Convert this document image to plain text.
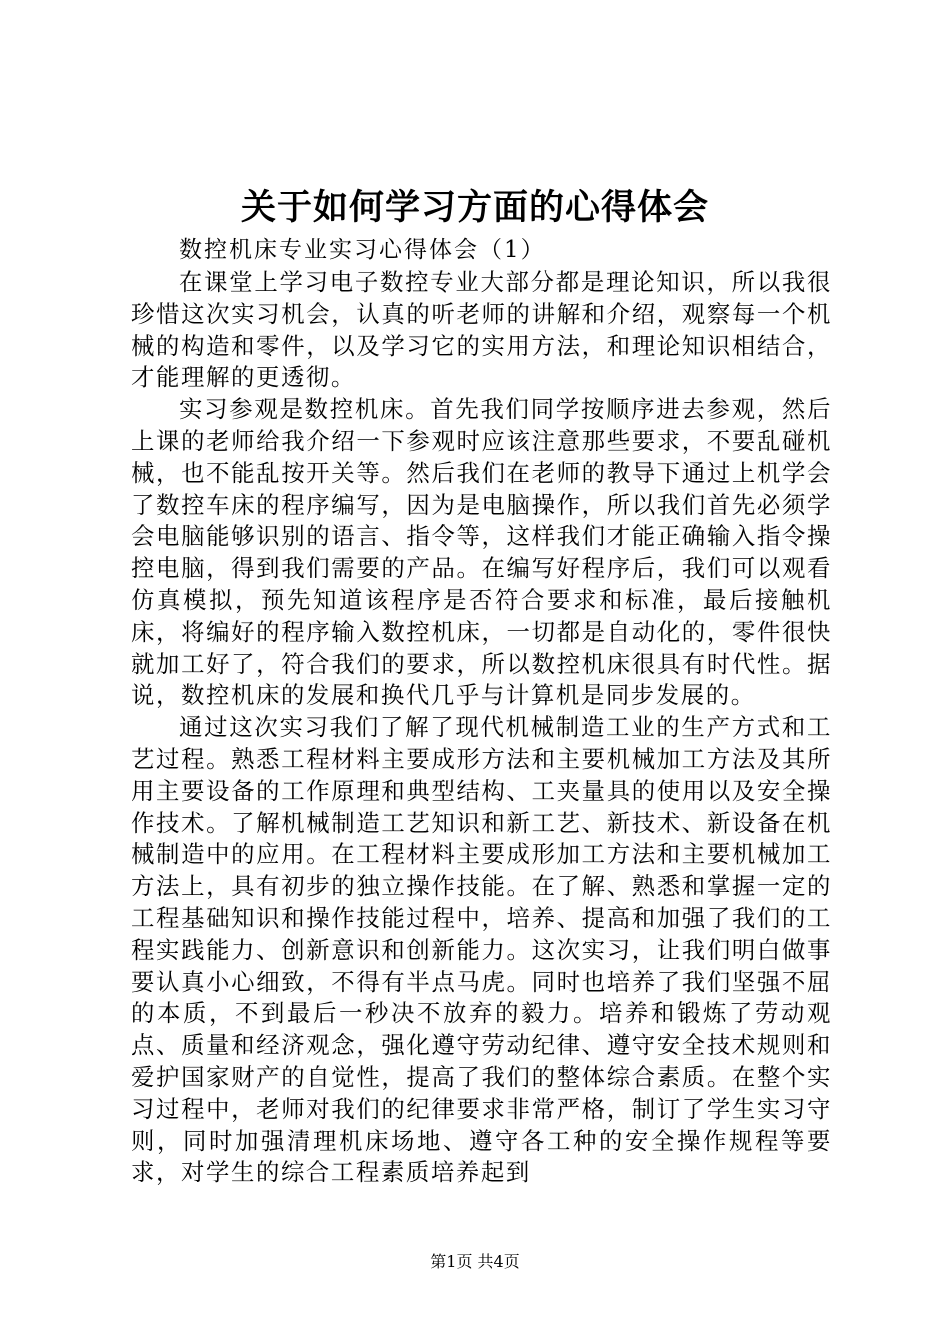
关于如何学习方面的心得体会

数控机床专业实习心得体会（1）

在课堂上学习电子数控专业大部分都是理论知识，所以我很珍惜这次实习机会，认真的听老师的讲解和介绍，观察每一个机械的构造和零件，以及学习它的实用方法，和理论知识相结合，才能理解的更透彻。

实习参观是数控机床。首先我们同学按顺序进去参观，然后上课的老师给我介绍一下参观时应该注意那些要求，不要乱碰机械，也不能乱按开关等。然后我们在老师的教导下通过上机学会了数控车床的程序编写，因为是电脑操作，所以我们首先必须学会电脑能够识别的语言、指令等，这样我们才能正确输入指令操控电脑，得到我们需要的产品。在编写好程序后，我们可以观看仿真模拟，预先知道该程序是否符合要求和标准，最后接触机床，将编好的程序输入数控机床，一切都是自动化的，零件很快就加工好了，符合我们的要求，所以数控机床很具有时代性。据说，数控机床的发展和换代几乎与计算机是同步发展的。

通过这次实习我们了解了现代机械制造工业的生产方式和工艺过程。熟悉工程材料主要成形方法和主要机械加工方法及其所用主要设备的工作原理和典型结构、工夹量具的使用以及安全操作技术。了解机械制造工艺知识和新工艺、新技术、新设备在机械制造中的应用。在工程材料主要成形加工方法和主要机械加工方法上，具有初步的独立操作技能。在了解、熟悉和掌握一定的工程基础知识和操作技能过程中，培养、提高和加强了我们的工程实践能力、创新意识和创新能力。这次实习，让我们明白做事要认真小心细致，不得有半点马虎。同时也培养了我们坚强不屈的本质，不到最后一秒决不放弃的毅力。培养和锻炼了劳动观点、质量和经济观念，强化遵守劳动纪律、遵守安全技术规则和爱护国家财产的自觉性，提高了我们的整体综合素质。在整个实习过程中，老师对我们的纪律要求非常严格，制订了学生实习守则，同时加强清理机床场地、遵守各工种的安全操作规程等要求，对学生的综合工程素质培养起到

第1页 共4页
